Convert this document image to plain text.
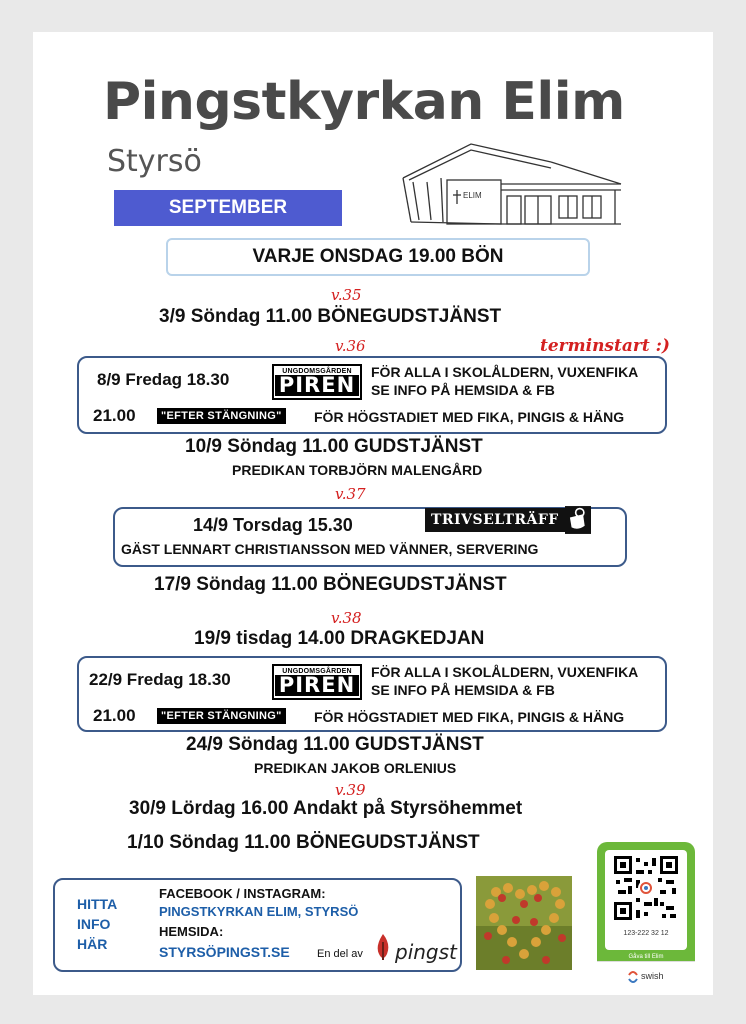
Pingstkyrkan Elim
Styrsö
SEPTEMBER
ELIM
VARJE ONSDAG 19.00 BÖN
v.35
3/9 Söndag 11.00 BÖNEGUDSTJÄNST
v.36	terminstart :)
8/9 Fredag 18.30	UNGDOMSGÅRDEN
PIREN
FÖR ALLA I SKOLÅLDERN, VUXENFIKA
SE INFO PÅ HEMSIDA & FB
21.00	"EFTER STÄNGNING" FÖR HÖGSTADIET MED FIKA, PINGIS & HÄNG
10/9 Söndag 11.00 GUDSTJÄNST
PREDIKAN TORBJÖRN MALENGÅRD
v.37
14/9 Torsdag 15.30	TRIVSELTRÄFF
GÄST LENNART CHRISTIANSSON MED VÄNNER, SERVERING
17/9 Söndag 11.00 BÖNEGUDSTJÄNST
v.38
19/9 tisdag 14.00 DRAGKEDJAN
22/9 Fredag 18.30	UNGDOMSGÅRDEN
PIREN
FÖR ALLA I SKOLÅLDERN, VUXENFIKA
SE INFO PÅ HEMSIDA & FB
21.00	"EFTER STÄNGNING" FÖR HÖGSTADIET MED FIKA, PINGIS & HÄNG
24/9 Söndag 11.00 GUDSTJÄNST
PREDIKAN JAKOB ORLENIUS
v.39
30/9 Lördag 16.00 Andakt på Styrsöhemmet
1/10 Söndag 11.00 BÖNEGUDSTJÄNST
HITTA
INFO
HÄR
FACEBOOK / INSTAGRAM:
PINGSTKYRKAN ELIM, STYRSÖ
HEMSIDA:
STYRSÖPINGST.SE En del av pingst
123-222 32 12
Gåva till Elim
swish
